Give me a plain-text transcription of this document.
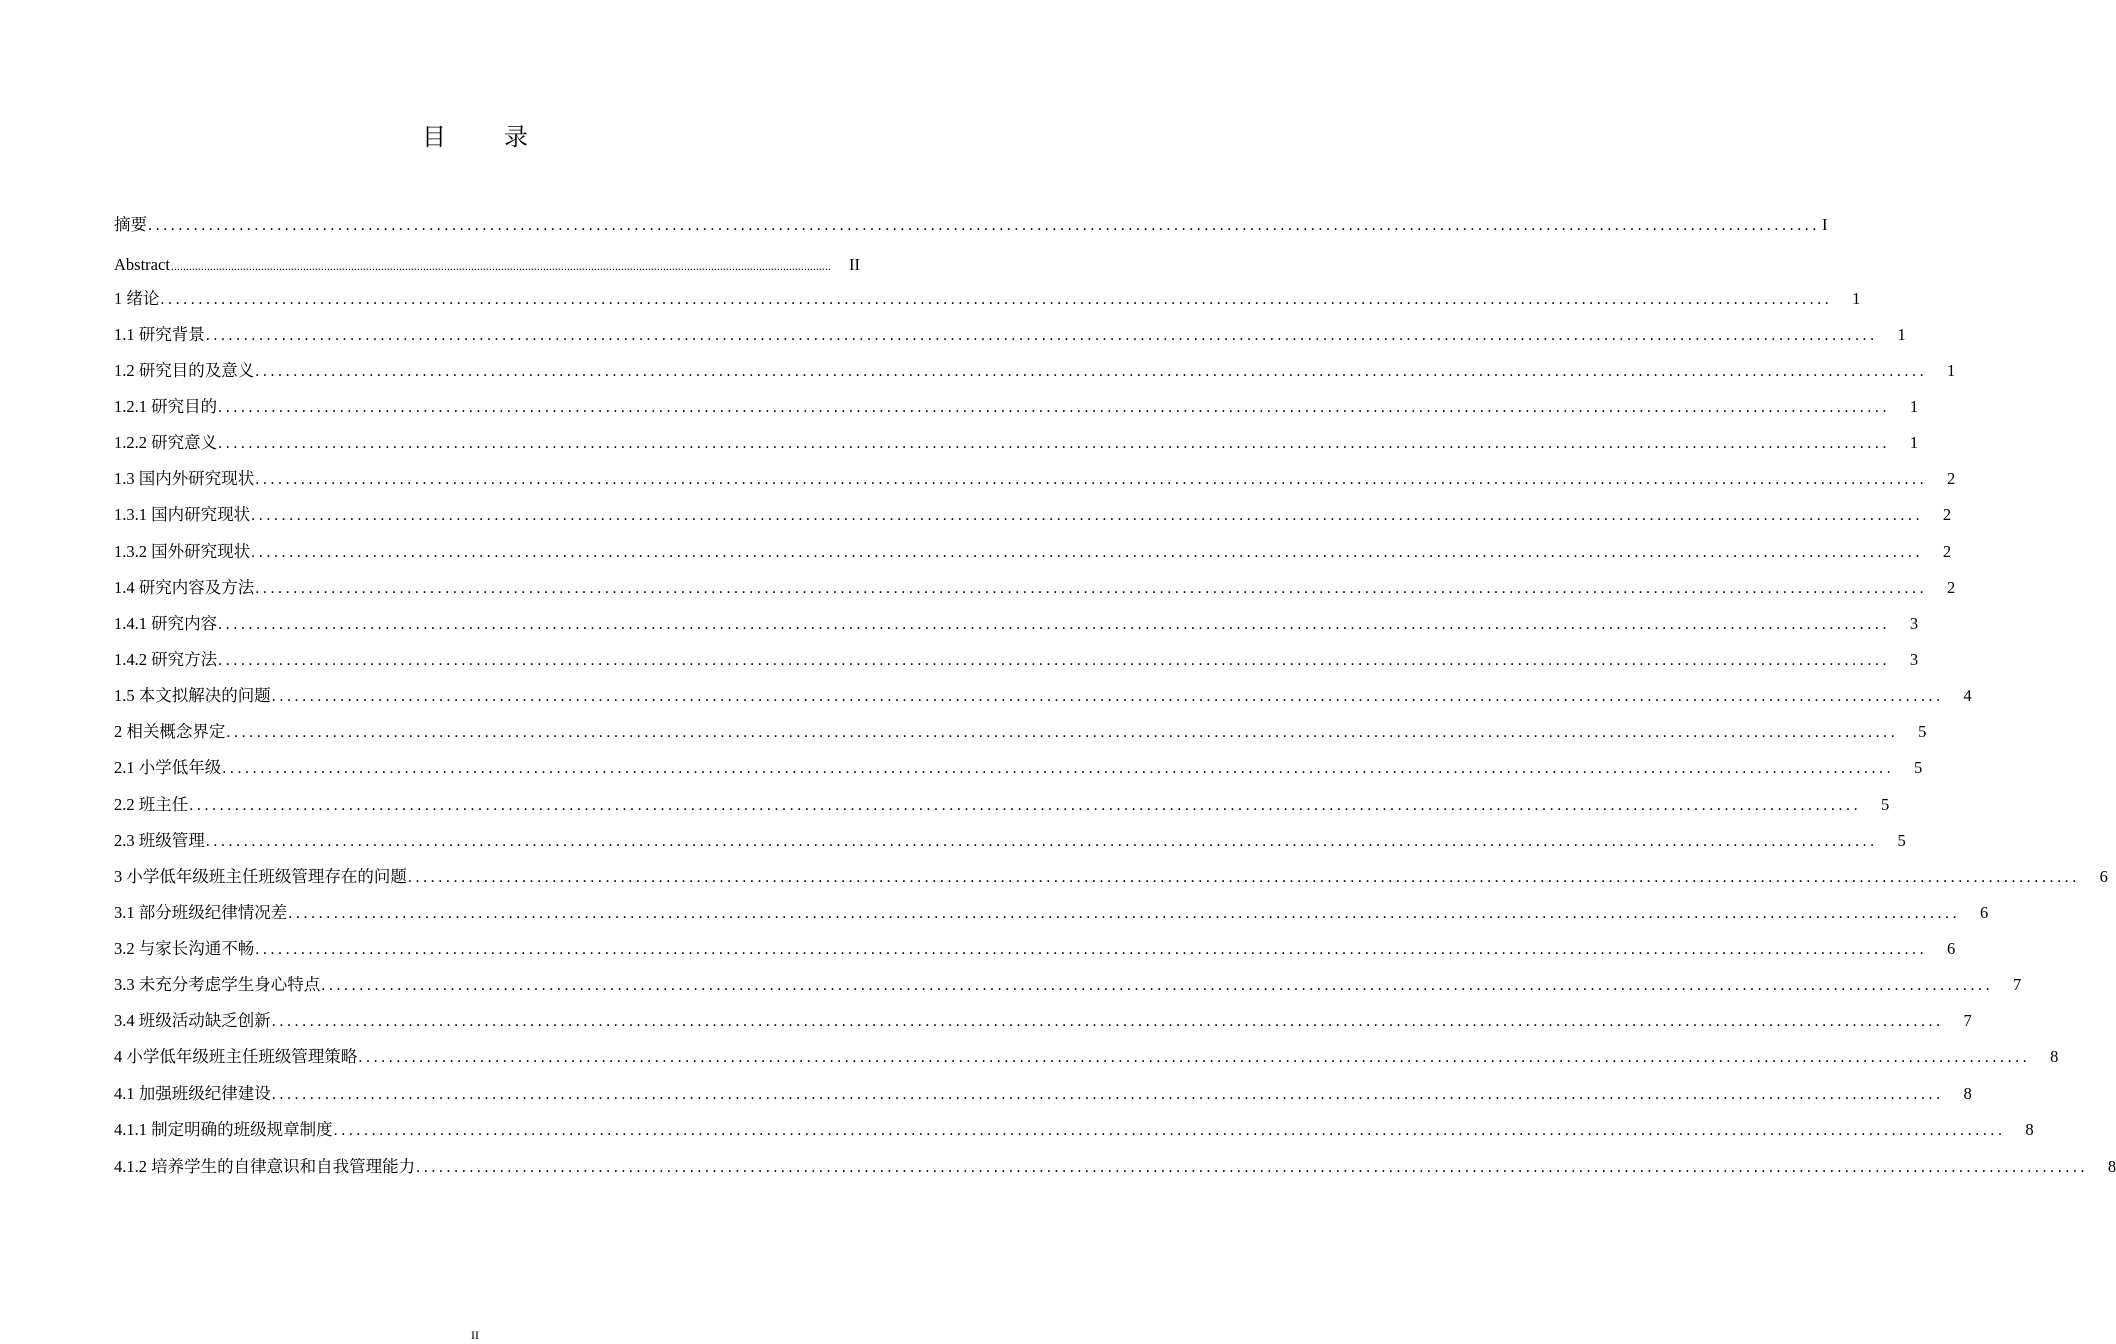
目 录
摘要 ............................................................................................................................................................................................................................ I
Abstract ............................................................................................................................................................................................................................	II
1 绪论 ............................................................................................................................................................................................................................	1
1.1 研究背景 ............................................................................................................................................................................................................................	1
1.2 研究目的及意义 ............................................................................................................................................................................................................................	1
1.2.1 研究目的 ............................................................................................................................................................................................................................	1
1.2.2 研究意义 ............................................................................................................................................................................................................................	1
1.3 国内外研究现状 ............................................................................................................................................................................................................................	2
1.3.1 国内研究现状 ............................................................................................................................................................................................................................	2
1.3.2 国外研究现状 ............................................................................................................................................................................................................................	2
1.4 研究内容及方法 ............................................................................................................................................................................................................................	2
1.4.1 研究内容 ............................................................................................................................................................................................................................	3
1.4.2 研究方法 ............................................................................................................................................................................................................................	3
1.5 本文拟解决的问题 ............................................................................................................................................................................................................................	4
2 相关概念界定 ............................................................................................................................................................................................................................	5
2.1 小学低年级 ............................................................................................................................................................................................................................	5
2.2 班主任 ............................................................................................................................................................................................................................	5
2.3 班级管理 ............................................................................................................................................................................................................................	5
3 小学低年级班主任班级管理存在的问题 ............................................................................................................................................................................................................................	6
3.1 部分班级纪律情况差 ............................................................................................................................................................................................................................	6
3.2 与家长沟通不畅 ............................................................................................................................................................................................................................	6
3.3 未充分考虑学生身心特点 ............................................................................................................................................................................................................................	7
3.4 班级活动缺乏创新 ............................................................................................................................................................................................................................	7
4 小学低年级班主任班级管理策略 ............................................................................................................................................................................................................................	8
4.1 加强班级纪律建设 ............................................................................................................................................................................................................................	8
4.1.1 制定明确的班级规章制度 ............................................................................................................................................................................................................................	8
4.1.2 培养学生的自律意识和自我管理能力 ............................................................................................................................................................................................................................	8
II
